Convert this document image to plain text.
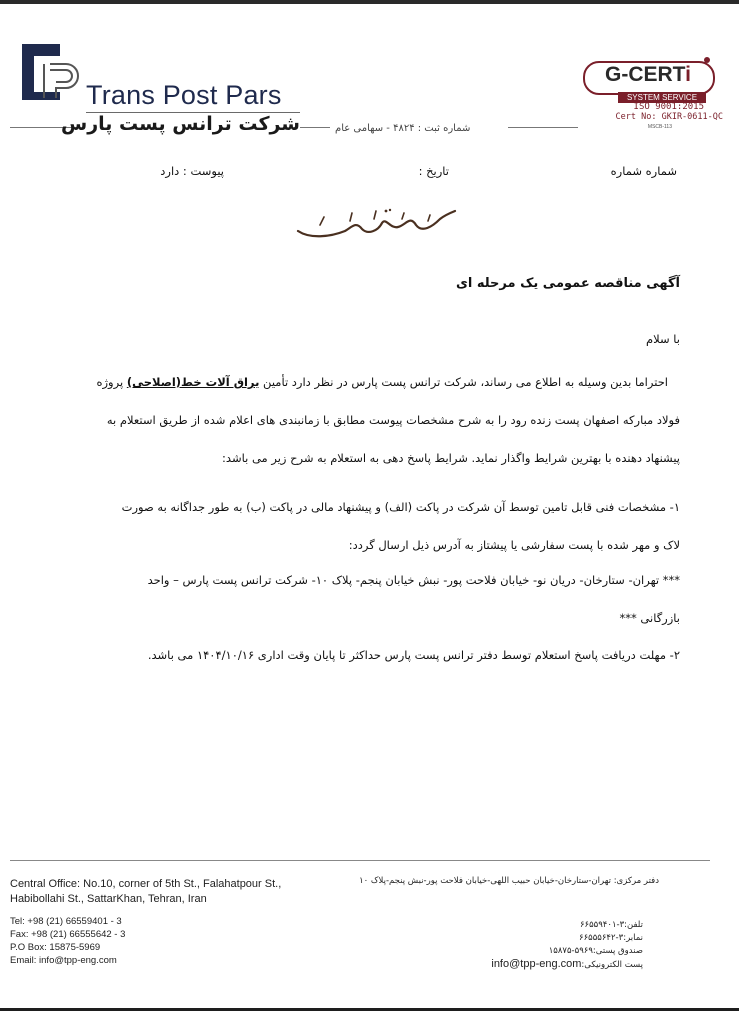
Trans Post Pars
شرکت ترانس پست پارس	شماره ثبت : ۴۸۲۴ - سهامی عام
G-CERTi
SYSTEM SERVICE
ISO 9001:2015
Cert No: GKIR-0611-QC
MSCB-113
شماره شماره
تاریخ :
پیوست : دارد
آگهی مناقصه عمومی یک مرحله ای
با سلام
احتراما بدین وسیله به اطلاع می رساند، شرکت ترانس پست پارس در نظر دارد تأمین یراق آلات خط(اصلاحی) پروژه
فولاد مبارکه اصفهان پست زنده رود را به شرح مشخصات پیوست مطابق با زمانبندی های اعلام شده از طریق استعلام به
پیشنهاد دهنده با بهترین شرایط واگذار نماید. شرایط پاسخ دهی به استعلام به شرح زیر می باشد:
۱- مشخصات فنی قابل تامین توسط آن شرکت در پاکت (الف) و پیشنهاد مالی در پاکت (ب) به طور جداگانه به صورت
لاک و مهر شده با پست سفارشی یا پیشتاز به آدرس ذیل ارسال گردد:
*** تهران- ستارخان- دریان نو- خیابان فلاحت پور- نبش خیابان پنجم- پلاک ۱۰- شرکت ترانس پست پارس – واحد
بازرگانی ***
۲- مهلت دریافت پاسخ استعلام توسط دفتر ترانس پست پارس حداکثر تا پایان وقت اداری ۱۴۰۴/۱۰/۱۶ می باشد.
Central Office: No.10, corner of 5th St., Falahatpour St.,
Habibollahi St., SattarKhan, Tehran, Iran
Tel: +98 (21) 66559401 - 3
Fax: +98 (21) 66555642 - 3
P.O Box: 15875-5969
Email: info@tpp-eng.com
دفتر مرکزی: تهران-ستارخان-خیابان حبیب اللهی-خیابان فلاحت پور-نبش پنجم-پلاک ۱۰
تلفن:۳-۶۶۵۵۹۴۰۱
نمابر:۳-۶۶۵۵۵۶۴۲
صندوق پستی:۵۹۶۹-۱۵۸۷۵
پست الکترونیکی:info@tpp-eng.com
